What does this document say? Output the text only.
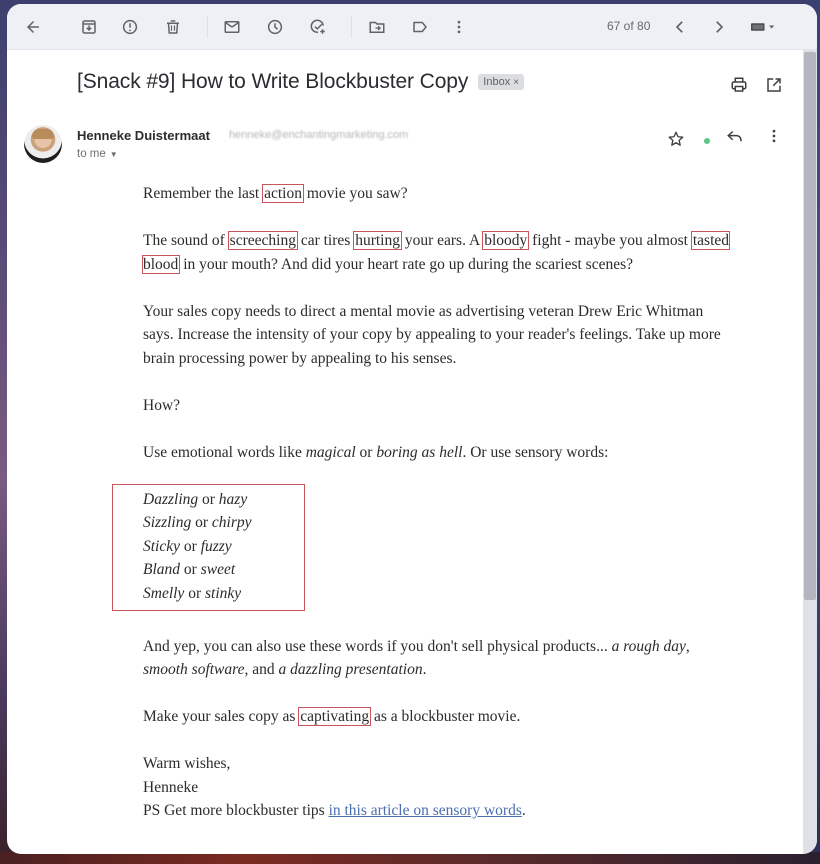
67 of 80
[Snack #9] How to Write Blockbuster Copy Inbox ×
Henneke Duistermaat henneke@enchantingmarketing.com
to me ▼

Remember the last action movie you saw?

The sound of screeching car tires hurting your ears. A bloody fight - maybe you almost tasted blood in your mouth? And did your heart rate go up during the scariest scenes?

Your sales copy needs to direct a mental movie as advertising veteran Drew Eric Whitman says. Increase the intensity of your copy by appealing to your reader's feelings. Take up more brain processing power by appealing to his senses.

How?

Use emotional words like magical or boring as hell. Or use sensory words:

Dazzling or hazy
Sizzling or chirpy
Sticky or fuzzy
Bland or sweet
Smelly or stinky

And yep, you can also use these words if you don't sell physical products... a rough day, smooth software, and a dazzling presentation.

Make your sales copy as captivating as a blockbuster movie.

Warm wishes,
Henneke
PS Get more blockbuster tips in this article on sensory words.
